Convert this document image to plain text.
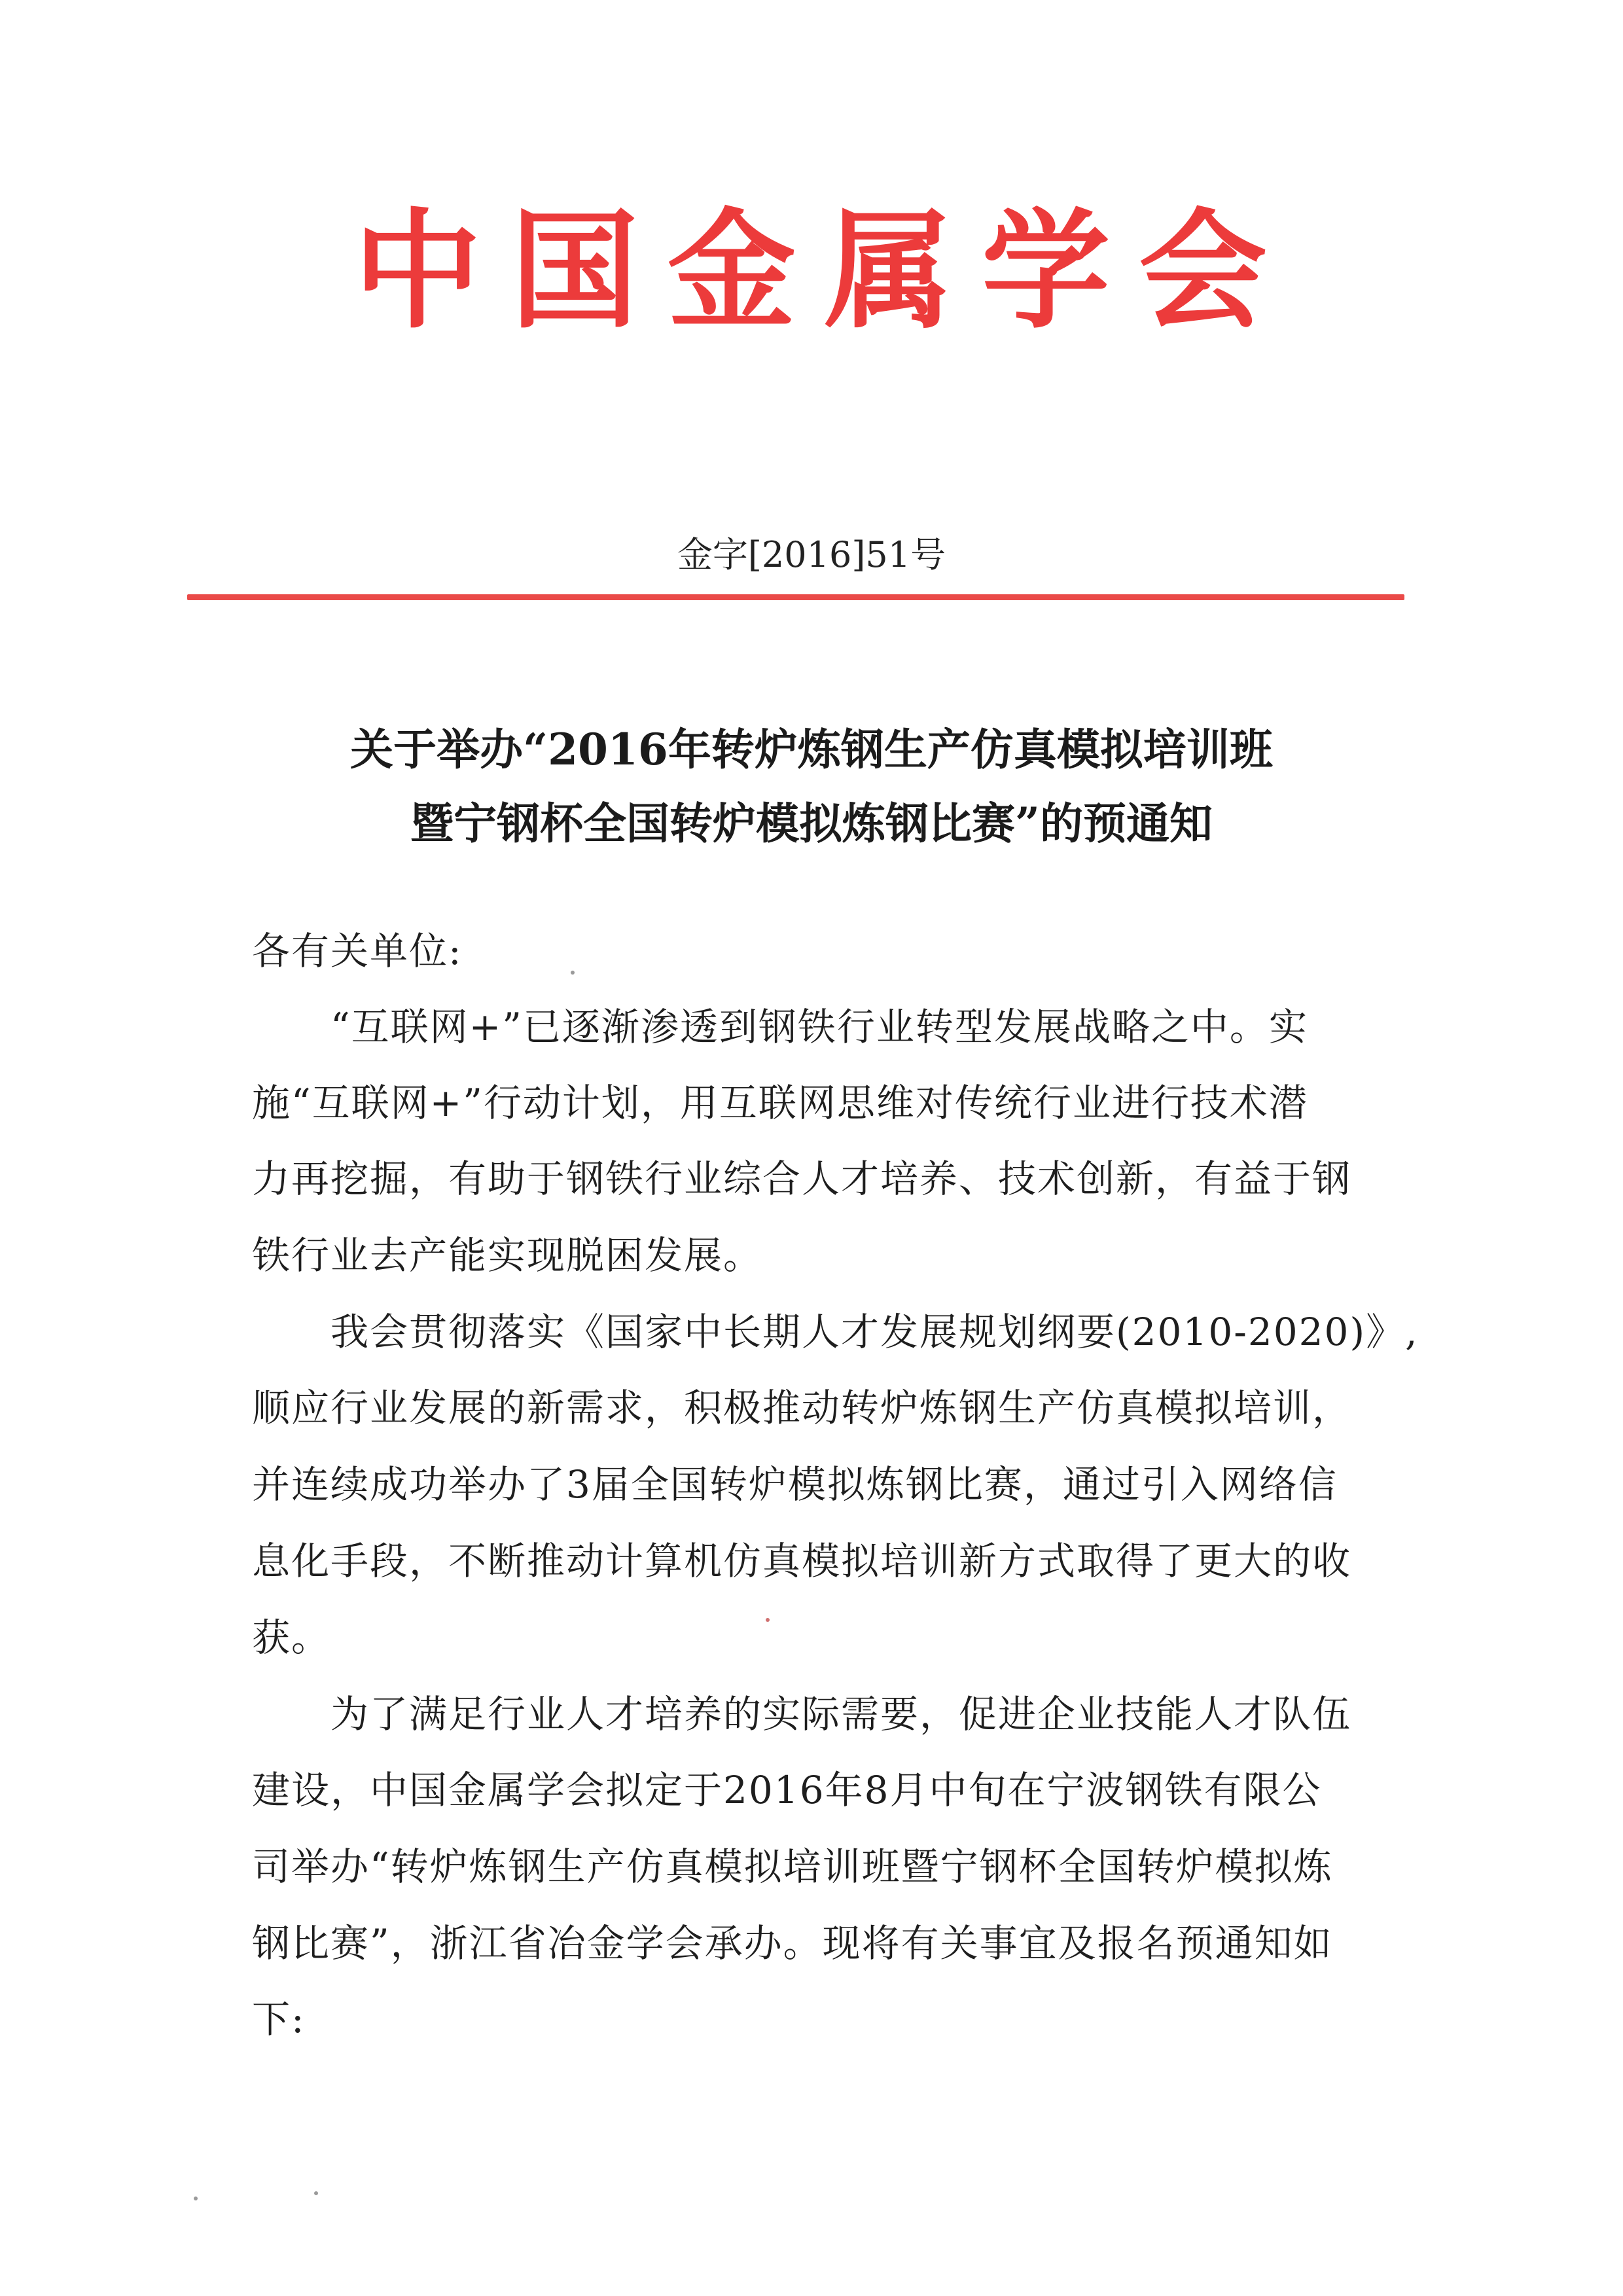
中国金属学会
金字[2016]51号
关于举办“2016年转炉炼钢生产仿真模拟培训班
暨宁钢杯全国转炉模拟炼钢比赛”的预通知
各有关单位:
“互联网+”已逐渐渗透到钢铁行业转型发展战略之中。实
施“互联网+”行动计划，用互联网思维对传统行业进行技术潜
力再挖掘，有助于钢铁行业综合人才培养、技术创新，有益于钢
铁行业去产能实现脱困发展。
我会贯彻落实《国家中长期人才发展规划纲要(2010-2020)》,
顺应行业发展的新需求，积极推动转炉炼钢生产仿真模拟培训，
并连续成功举办了3届全国转炉模拟炼钢比赛，通过引入网络信
息化手段，不断推动计算机仿真模拟培训新方式取得了更大的收
获。
为了满足行业人才培养的实际需要，促进企业技能人才队伍
建设，中国金属学会拟定于2016年8月中旬在宁波钢铁有限公
司举办“转炉炼钢生产仿真模拟培训班暨宁钢杯全国转炉模拟炼
钢比赛”，浙江省冶金学会承办。现将有关事宜及报名预通知如
下:
